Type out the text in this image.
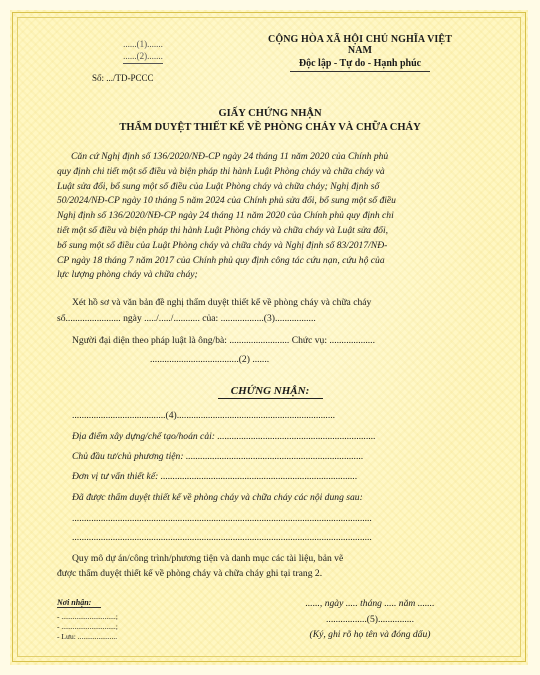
......(1).......
......(2).......
Số: .../TD-PCCC
CỘNG HÒA XÃ HỘI CHỦ NGHĨA VIỆT NAM
Độc lập - Tự do - Hạnh phúc
GIẤY CHỨNG NHẬN
THẨM DUYỆT THIẾT KẾ VỀ PHÒNG CHÁY VÀ CHỮA CHÁY
Căn cứ Nghị định số 136/2020/NĐ-CP ngày 24 tháng 11 năm 2020 của Chính phủ
quy định chi tiết một số điều và biện pháp thi hành Luật Phòng cháy và chữa cháy và
Luật sửa đổi, bổ sung một số điều của Luật Phòng cháy và chữa cháy; Nghị định số
50/2024/NĐ-CP ngày 10 tháng 5 năm 2024 của Chính phủ sửa đổi, bổ sung một số điều
Nghị định số 136/2020/NĐ-CP ngày 24 tháng 11 năm 2020 của Chính phủ quy định chi
tiết một số điều và biện pháp thi hành Luật Phòng cháy và chữa cháy và Luật sửa đổi,
bổ sung một số điều của Luật Phòng cháy và chữa cháy và Nghị định số 83/2017/NĐ-
CP ngày 18 tháng 7 năm 2017 của Chính phủ quy định công tác cứu nạn, cứu hộ của
lực lượng phòng cháy và chữa cháy;
Xét hồ sơ và văn bản đề nghị thẩm duyệt thiết kế về phòng cháy và chữa cháy
số....................... ngày ...../...../........... của: ..................(3).................
Người đại diện theo pháp luật là ông/bà: ......................... Chức vụ: ...................
.....................................(2) .......
CHỨNG NHẬN:
.......................................(4)..................................................................
Địa điểm xây dựng/chế tạo/hoán cải: ..................................................................
Chủ đầu tư/chủ phương tiện: ..........................................................................
Đơn vị tư vấn thiết kế: ..................................................................................
Đã được thẩm duyệt thiết kế về phòng cháy và chữa cháy các nội dung sau:
.............................................................................................................................
.............................................................................................................................
Quy mô dự án/công trình/phương tiện và danh mục các tài liệu, bản vẽ
được thẩm duyệt thiết kế về phòng cháy và chữa cháy ghi tại trang 2.
Nơi nhận:
- .............................;
- .............................;
- Lưu: .....................
......, ngày ..... tháng ..... năm .......
.................(5)...............
(Ký, ghi rõ họ tên và đóng dấu)
